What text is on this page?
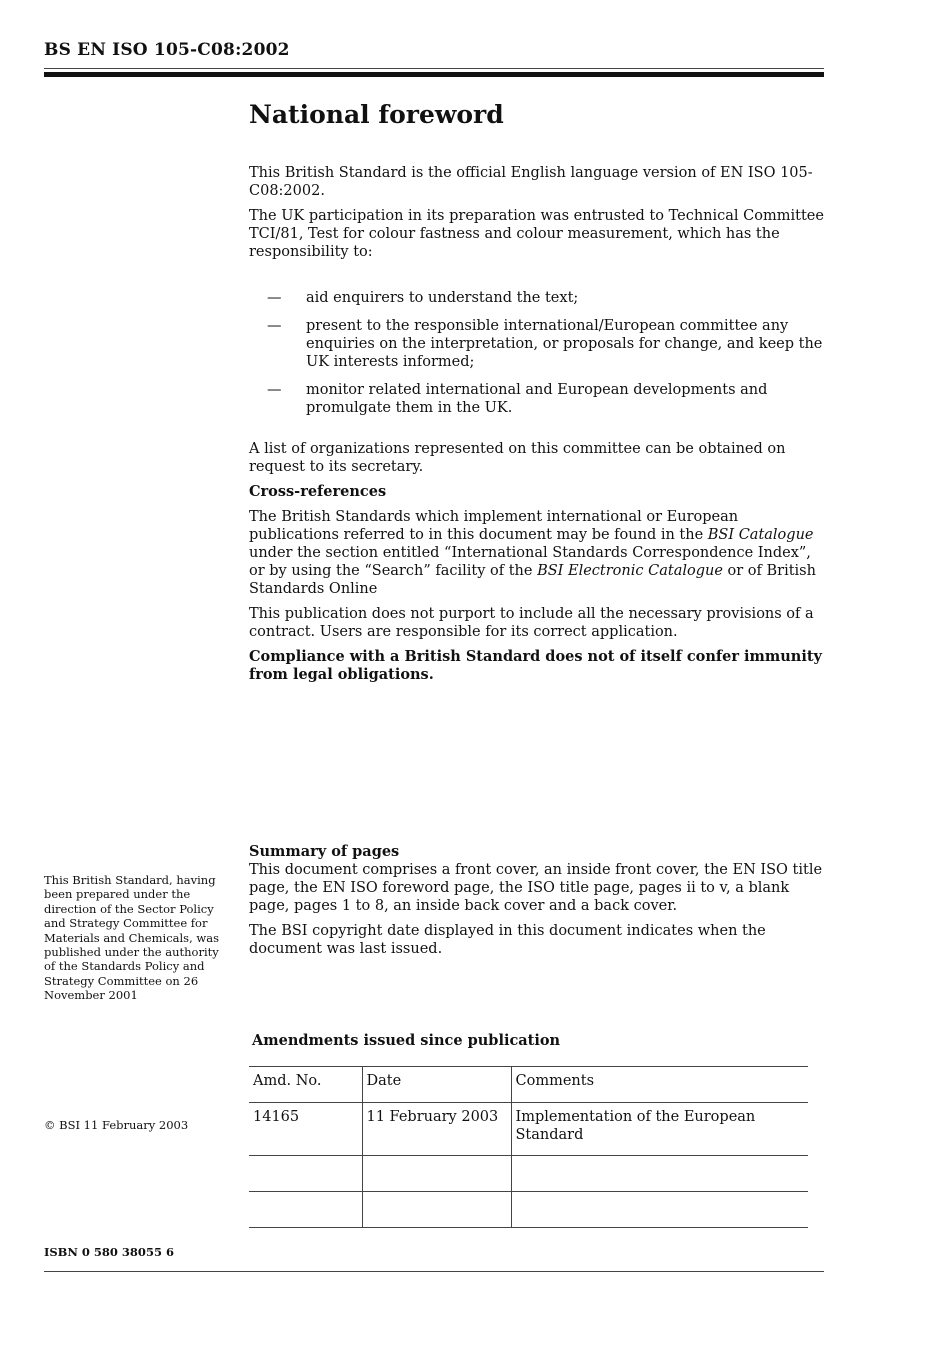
BS EN ISO 105-C08:2002
National foreword

This British Standard is the official English language version of EN ISO 105-C08:2002.

The UK participation in its preparation was entrusted to Technical Committee TCI/81, Test for colour fastness and colour measurement, which has the responsibility to:

— aid enquirers to understand the text;
— present to the responsible international/European committee any enquiries on the interpretation, or proposals for change, and keep the UK interests informed;
— monitor related international and European developments and promulgate them in the UK.

A list of organizations represented on this committee can be obtained on request to its secretary.

Cross-references

The British Standards which implement international or European publications referred to in this document may be found in the BSI Catalogue under the section entitled “International Standards Correspondence Index”, or by using the “Search” facility of the BSI Electronic Catalogue or of British Standards Online

This publication does not purport to include all the necessary provisions of a contract. Users are responsible for its correct application.

Compliance with a British Standard does not of itself confer immunity from legal obligations.

Summary of pages

This document comprises a front cover, an inside front cover, the EN ISO title page, the EN ISO foreword page, the ISO title page, pages ii to v, a blank page, pages 1 to 8, an inside back cover and a back cover.

The BSI copyright date displayed in this document indicates when the document was last issued.

This British Standard, having been prepared under the direction of the Sector Policy and Strategy Committee for Materials and Chemicals, was published under the authority of the Standards Policy and Strategy Committee on 26 November 2001
© BSI 11 February 2003
Amendments issued since publication
Amd. No.	Date	Comments
14165	11 February 2003	Implementation of the European Standard

ISBN 0 580 38055 6
